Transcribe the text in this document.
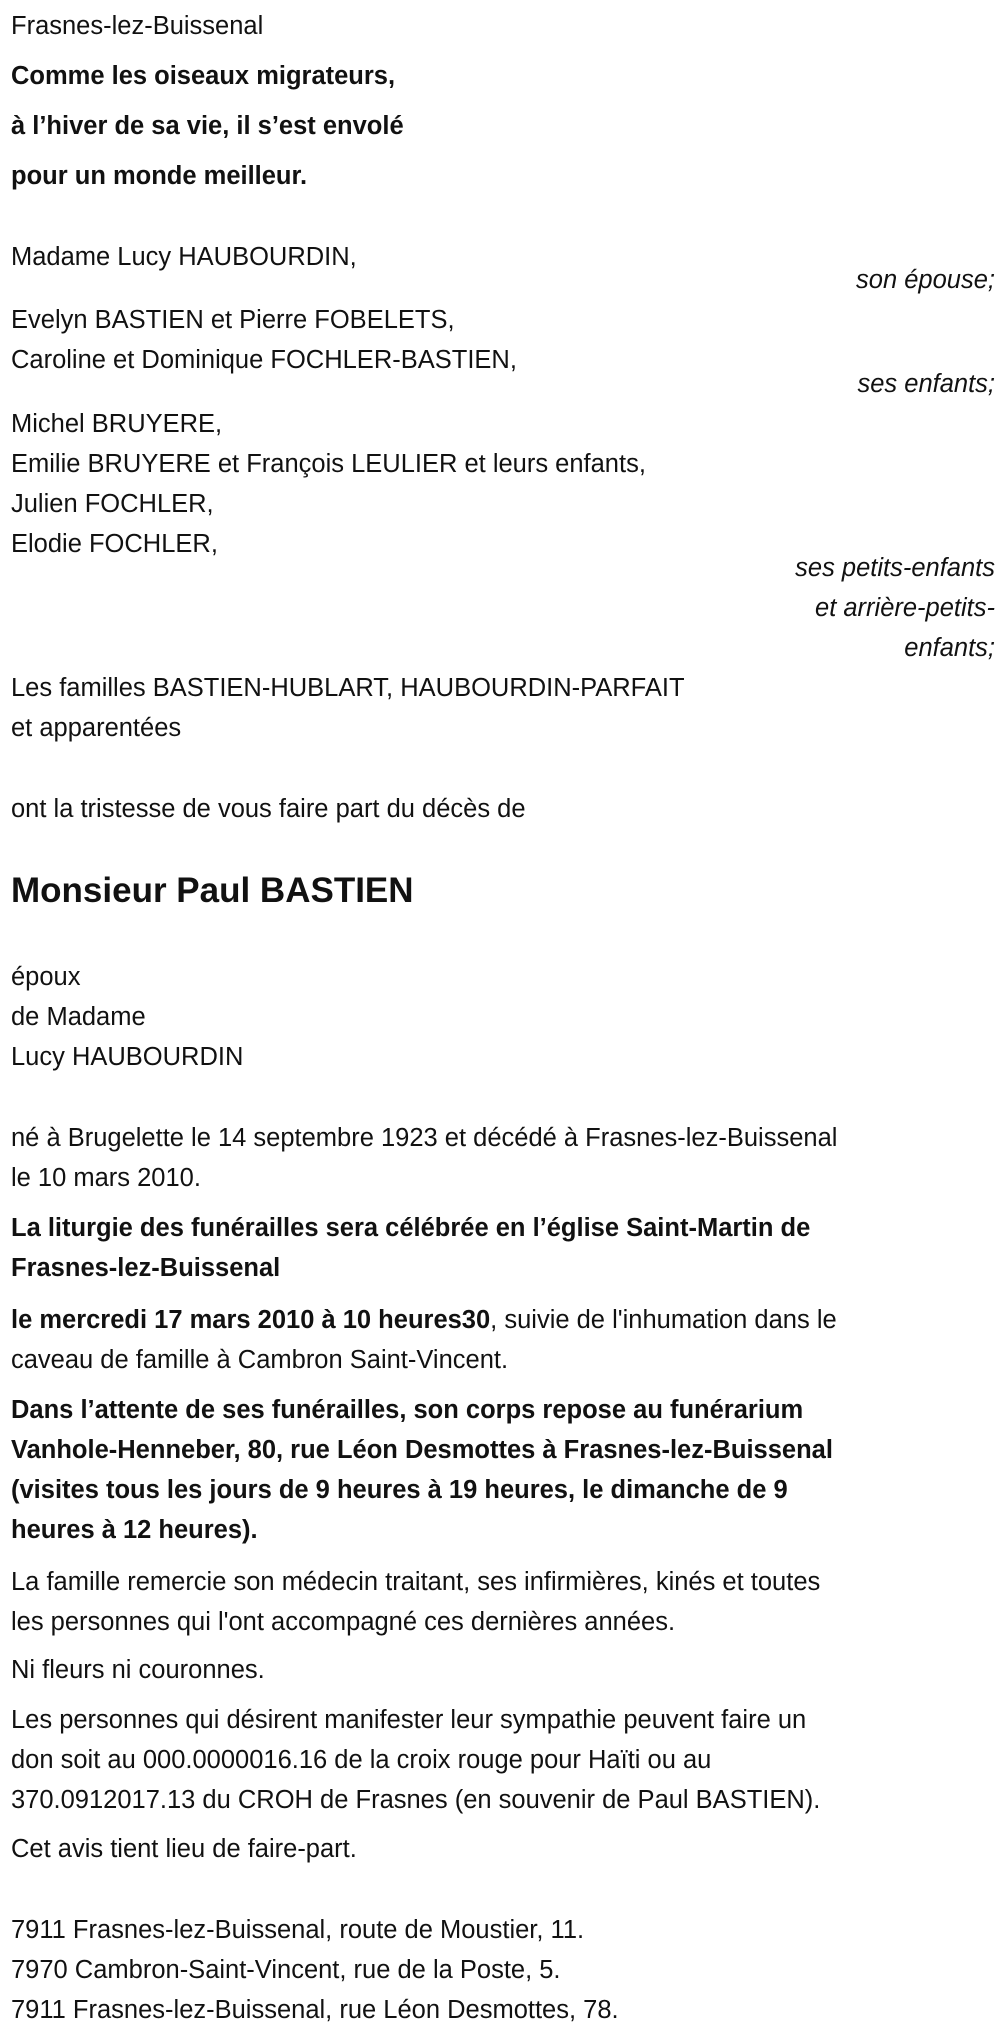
Frasnes-lez-Buissenal
Comme les oiseaux migrateurs,
à l’hiver de sa vie, il s’est envolé
pour un monde meilleur.
Madame Lucy HAUBOURDIN,
son épouse;
Evelyn BASTIEN et Pierre FOBELETS,
Caroline et Dominique FOCHLER-BASTIEN,
ses enfants;
Michel BRUYERE,
Emilie BRUYERE et François LEULIER et leurs enfants,
Julien FOCHLER,
Elodie FOCHLER,
ses petits-enfants
et arrière-petits-
enfants;
Les familles BASTIEN-HUBLART, HAUBOURDIN-PARFAIT
et apparentées
ont la tristesse de vous faire part du décès de
Monsieur Paul BASTIEN
époux
de Madame
Lucy HAUBOURDIN
né à Brugelette le 14 septembre 1923 et décédé à Frasnes-lez-Buissenal
le 10 mars 2010.
La liturgie des funérailles sera célébrée en l’église Saint-Martin de
Frasnes-lez-Buissenal
le mercredi 17 mars 2010 à 10 heures30, suivie de l'inhumation dans le
caveau de famille à Cambron Saint-Vincent.
Dans l’attente de ses funérailles, son corps repose au funérarium
Vanhole-Henneber, 80, rue Léon Desmottes à Frasnes-lez-Buissenal
(visites tous les jours de 9 heures à 19 heures, le dimanche de 9
heures à 12 heures).
La famille remercie son médecin traitant, ses infirmières, kinés et toutes
les personnes qui l'ont accompagné ces dernières années.
Ni fleurs ni couronnes.
Les personnes qui désirent manifester leur sympathie peuvent faire un
don soit au 000.0000016.16 de la croix rouge pour Haïti ou au
370.0912017.13 du CROH de Frasnes (en souvenir de Paul BASTIEN).
Cet avis tient lieu de faire-part.
7911 Frasnes-lez-Buissenal, route de Moustier, 11.
7970 Cambron-Saint-Vincent, rue de la Poste, 5.
7911 Frasnes-lez-Buissenal, rue Léon Desmottes, 78.
